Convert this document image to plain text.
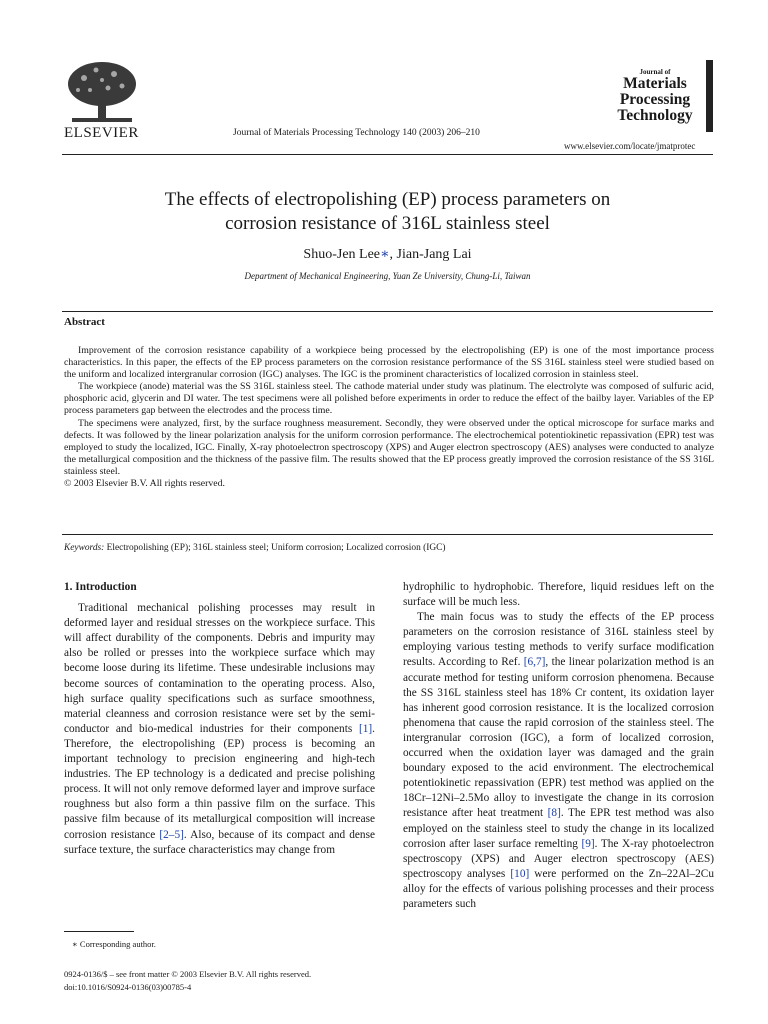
ELSEVIER	Journal of Materials Processing Technology 140 (2003) 206–210
Journal of
Materials
Processing
Technology
www.elsevier.com/locate/jmatprotec
The effects of electropolishing (EP) process parameters on
corrosion resistance of 316L stainless steel
Shuo-Jen Lee∗, Jian-Jang Lai
Department of Mechanical Engineering, Yuan Ze University, Chung-Li, Taiwan
Abstract

Improvement of the corrosion resistance capability of a workpiece being processed by the electropolishing (EP) is one of the most importance process characteristics. In this paper, the effects of the EP process parameters on the corrosion resistance performance of the SS 316L stainless steel were studied based on the uniform and localized intergranular corrosion (IGC) analyses. The IGC is the prominent characteristics of localized corrosion in stainless steel.

The workpiece (anode) material was the SS 316L stainless steel. The cathode material under study was platinum. The electrolyte was composed of sulfuric acid, phosphoric acid, glycerin and DI water. The test specimens were all polished before experiments in order to reduce the effect of the bailby layer. Variables of the EP process parameters gap between the electrodes and the process time.

The specimens were analyzed, first, by the surface roughness measurement. Secondly, they were observed under the optical microscope for surface marks and defects. It was followed by the linear polarization analysis for the uniform corrosion performance. The electrochemical potentiokinetic repassivation (EPR) test was employed to study the localized, IGC. Finally, X-ray photoelectron spectroscopy (XPS) and Auger electron spectroscopy (AES) analyses were conducted to analyze the metallurgical composition and the thickness of the passive film. The results showed that the EP process greatly improved the corrosion resistance of the SS 316L stainless steel.

© 2003 Elsevier B.V. All rights reserved.

Keywords: Electropolishing (EP); 316L stainless steel; Uniform corrosion; Localized corrosion (IGC)

1. Introduction

Traditional mechanical polishing processes may result in deformed layer and residual stresses on the workpiece surface. This will affect durability of the components. Debris and impurity may also be rolled or presses into the workpiece surface which may become loose during its lifetime. These undesirable inclusions may become sources of contamination to the operating process. Also, high surface quality specifications such as surface smoothness, material cleanness and corrosion resistance were set by the semi-conductor and bio-medical industries for their components [1]. Therefore, the electropolishing (EP) process is becoming an important technology to precision engineering and high-tech industries. The EP technology is a dedicated and precise polishing process. It will not only remove deformed layer and improve surface roughness but also form a thin passive film on the surface. This passive film because of its metallurgical composition will increase corrosion resistance [2–5]. Also, because of its compact and dense surface texture, the surface characteristics may change from

hydrophilic to hydrophobic. Therefore, liquid residues left on the surface will be much less.

The main focus was to study the effects of the EP process parameters on the corrosion resistance of 316L stainless steel by employing various testing methods to verify surface modification results. According to Ref. [6,7], the linear polarization method is an accurate method for testing uniform corrosion phenomena. Because the SS 316L stainless steel has 18% Cr content, its oxidation layer has inherent good corrosion resistance. It is the localized corrosion phenomena that cause the rapid corrosion of the stainless steel. The intergranular corrosion (IGC), a form of localized corrosion, occurred when the oxidation layer was damaged and the grain boundary exposed to the acid environment. The electrochemical potentiokinetic repassivation (EPR) test method was applied on the 18Cr–12Ni–2.5Mo alloy to investigate the change in its corrosion resistance after heat treatment [8]. The EPR test method was also employed on the stainless steel to study the change in its localized corrosion after laser surface remelting [9]. The X-ray photoelectron spectroscopy (XPS) and Auger electron spectroscopy (AES) spectroscopy analyses [10] were performed on the Zn–22Al–2Cu alloy for the effects of various polishing processes and their process parameters such

∗ Corresponding author.
0924-0136/$ – see front matter © 2003 Elsevier B.V. All rights reserved.
doi:10.1016/S0924-0136(03)00785-4
